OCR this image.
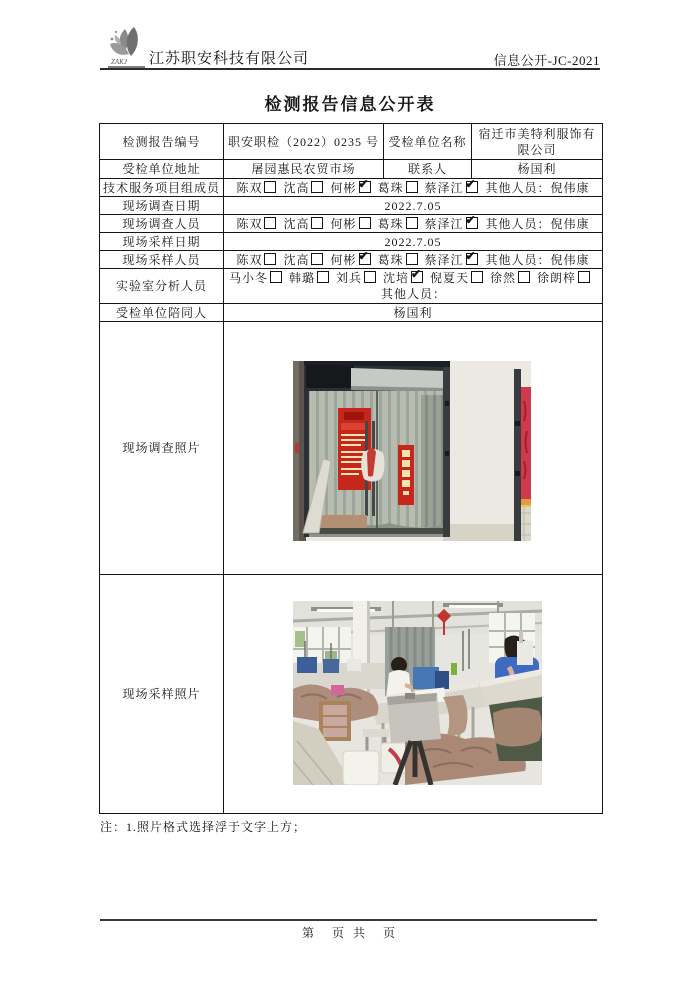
ZAKJ 江苏职安科技有限公司	信息公开-JC-2021
检测报告信息公开表
检测报告编号	职安职检（2022）0235 号	受检单位名称	宿迁市美特利服饰有限公司
受检单位地址	屠园惠民农贸市场	联系人	杨国利
技术服务项目组成员	陈双 沈高 何彬 ✔ 葛珠 蔡泽江 ✔ 其他人员：倪伟康
现场调查日期	2022.7.05		
现场调查人员	陈双 沈高 何彬 葛珠 蔡泽江 ✔ 其他人员：倪伟康
现场采样日期	2022.7.05		
现场采样人员	陈双 沈高 何彬 ✔ 葛珠 蔡泽江 ✔ 其他人员：倪伟康
实验室分析人员	马小冬 韩璐 刘兵 沈培 ✔ 倪夏天 徐然 徐朗梓
其他人员：
受检单位陪同人	杨国利		
现场调查照片	

现场采样照片	
注：1.照片格式选择浮于文字上方；
第　页 共　页
